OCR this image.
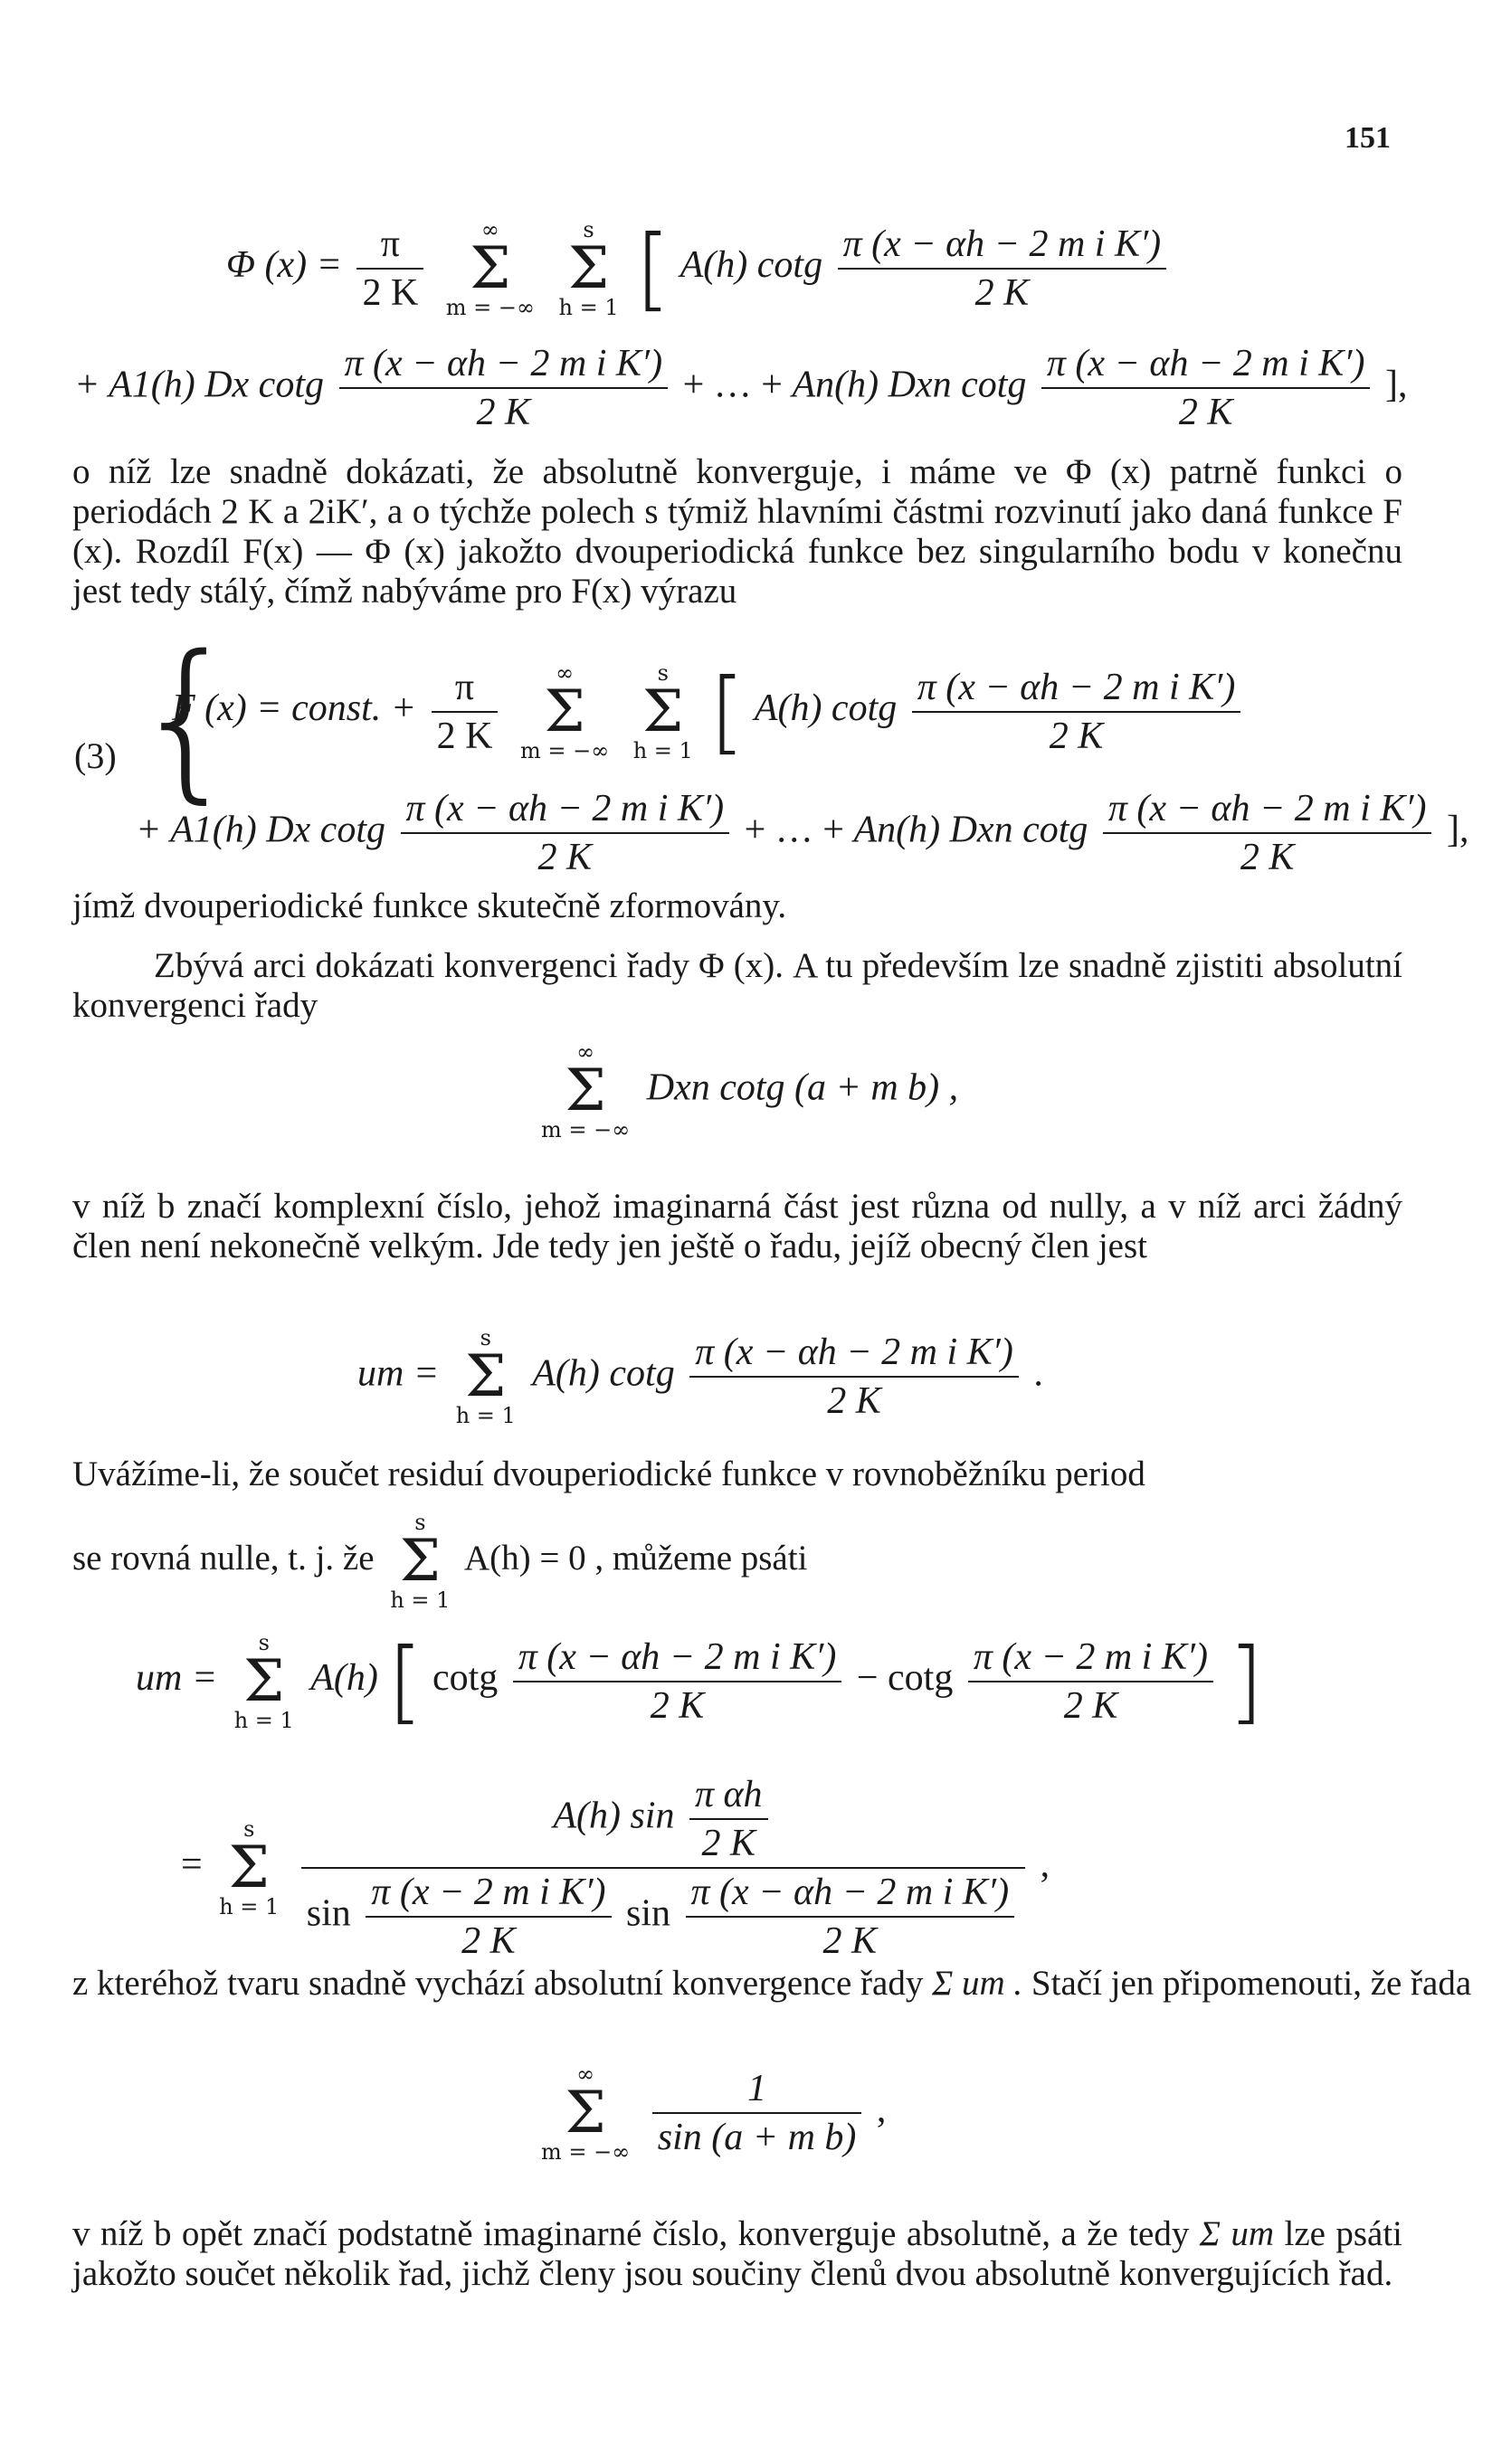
151
Φ $(x) = \frac{\pi}{2 K}$
	∞
Σ
m = −∞

s
Σ
h = 1 [ A(h) cotg $\frac{\text{π (x − αh − 2 m i K′)}}{2 K}$
+ A1(h) Dx cotg $\frac{\text{π (x − αh − 2 m i K′)}}{2 K}$ + … + An(h) Dxn cotg $\frac{\text{π (x − αh − 2 m i K′)}}{2 K}$ ],
o níž lze snadně dokázati, že absolutně konverguje, i máme ve Φ (x) patrně funkci o periodách 2 K a 2iK′, a o týchže polech s týmiž hlavními částmi rozvinutí jako daná funkce F (x). Rozdíl F(x) — Φ (x) jakožto dvouperiodická funkce bez singularního bodu v konečnu jest tedy stálý, čímž nabýváme pro F(x) výrazu
(3) {
F (x) = const. + $\frac{\pi}{2 K}$
	∞
Σ
m = −∞

s
Σ
h = 1 [ A(h) cotg $\frac{\text{π (x − αh − 2 m i K′)}}{2 K}$
+ A1(h) Dx cotg $\frac{\text{π (x − αh − 2 m i K′)}}{2 K}$ + … + An(h) Dxn cotg $\frac{\text{π (x − αh − 2 m i K′)}}{2 K}$ ],
jímž dvouperiodické funkce skutečně zformovány.
Zbývá arci dokázati konvergenci řady Φ (x). A tu především lze snadně zjistiti absolutní konvergenci řady
∞
Σ
m = −∞
Dxn cotg (a + m b) ,
v níž b značí komplexní číslo, jehož imaginarná část jest různa od nully, a v níž arci žádný člen není nekonečně velkým. Jde tedy jen ještě o řadu, jejíž obecný člen jest
um =
s
Σ
h = 1
A(h) cotg $\frac{\text{π (x − αh − 2 m i K′)}}{2 K}$ .
Uvážíme-li, že součet residuí dvouperiodické funkce v rovnoběžníku period
se rovná nulle, t. j. že
s
Σ
h = 1
A(h) = 0 , můžeme psáti
um =
s
Σ
h = 1
A(h) [ cotg $\frac{\text{π (x − αh − 2 m i K′)}}{2 K} - \cot g \frac{\text{π (x − 2 m i K′)}}{2 K}$ ]
=
s
Σ
h = 1

A(h) $\sin \frac{\text{π αh}}{2 K}$
$\sin \frac{\text{π (x − 2 m i K′)}}{2 K}$ $\sin \frac{\text{π (x − αh − 2 m i K′)}}{2 K}$
,
z kteréhož tvaru snadně vychází absolutní konvergence řady Σ um . Stačí jen připomenouti, že řada
∞
Σ
m = −∞
$\frac{1}{\text{sin (a + m b)}}$ ,
v níž b opět značí podstatně imaginarné číslo, konverguje absolutně, a že tedy Σ um lze psáti jakožto součet několik řad, jichž členy jsou součiny členů dvou absolutně konvergujících řad.
